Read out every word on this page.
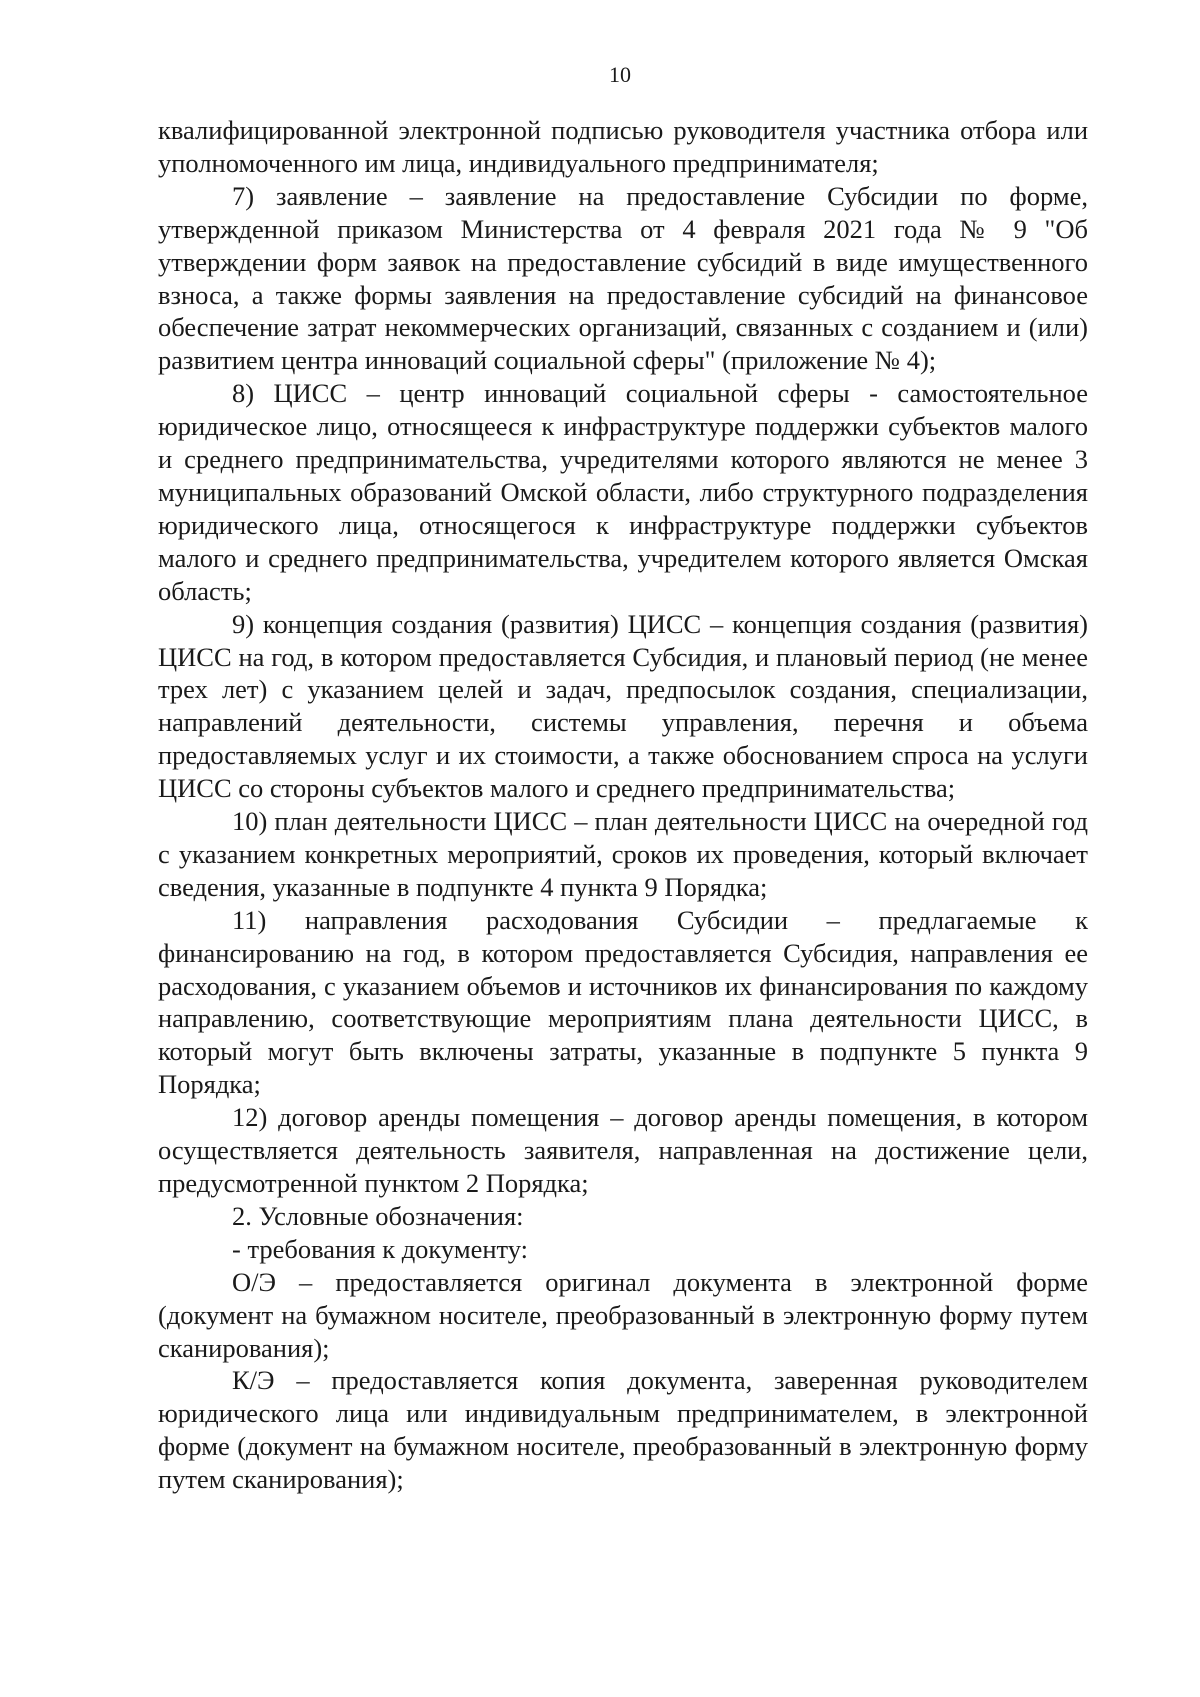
10

квалифицированной электронной подписью руководителя участника отбора или уполномоченного им лица, индивидуального предпринимателя;

7) заявление – заявление на предоставление Субсидии по форме, утвержденной приказом Министерства от 4 февраля 2021 года № 9 "Об утверждении форм заявок на предоставление субсидий в виде имущественного взноса, а также формы заявления на предоставление субсидий на финансовое обеспечение затрат некоммерческих организаций, связанных с созданием и (или) развитием центра инноваций социальной сферы" (приложение № 4);

8) ЦИСС – центр инноваций социальной сферы - самостоятельное юридическое лицо, относящееся к инфраструктуре поддержки субъектов малого и среднего предпринимательства, учредителями которого являются не менее 3 муниципальных образований Омской области, либо структурного подразделения юридического лица, относящегося к инфраструктуре поддержки субъектов малого и среднего предпринимательства, учредителем которого является Омская область;

9) концепция создания (развития) ЦИСС – концепция создания (развития) ЦИСС на год, в котором предоставляется Субсидия, и плановый период (не менее трех лет) с указанием целей и задач, предпосылок создания, специализации, направлений деятельности, системы управления, перечня и объема предоставляемых услуг и их стоимости, а также обоснованием спроса на услуги ЦИСС со стороны субъектов малого и среднего предпринимательства;

10) план деятельности ЦИСС – план деятельности ЦИСС на очередной год с указанием конкретных мероприятий, сроков их проведения, который включает сведения, указанные в подпункте 4 пункта 9 Порядка;

11) направления расходования Субсидии – предлагаемые к финансированию на год, в котором предоставляется Субсидия, направления ее расходования, с указанием объемов и источников их финансирования по каждому направлению, соответствующие мероприятиям плана деятельности ЦИСС, в который могут быть включены затраты, указанные в подпункте 5 пункта 9 Порядка;

12) договор аренды помещения – договор аренды помещения, в котором осуществляется деятельность заявителя, направленная на достижение цели, предусмотренной пунктом 2 Порядка;

2. Условные обозначения:

- требования к документу:

О/Э – предоставляется оригинал документа в электронной форме (документ на бумажном носителе, преобразованный в электронную форму путем сканирования);

К/Э – предоставляется копия документа, заверенная руководителем юридического лица или индивидуальным предпринимателем, в электронной форме (документ на бумажном носителе, преобразованный в электронную форму путем сканирования);
